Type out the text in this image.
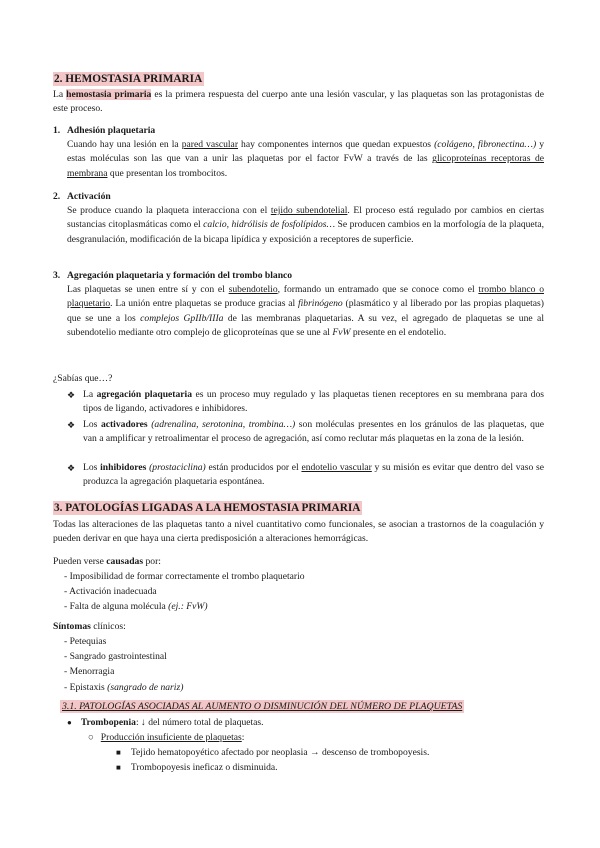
2. HEMOSTASIA PRIMARIA
La hemostasia primaria es la primera respuesta del cuerpo ante una lesión vascular, y las plaquetas son las protagonistas de este proceso.
1. Adhesión plaquetaria
Cuando hay una lesión en la pared vascular hay componentes internos que quedan expuestos (colágeno, fibronectina…) y estas moléculas son las que van a unir las plaquetas por el factor FvW a través de las glicoproteínas receptoras de membrana que presentan los trombocitos.
2. Activación
Se produce cuando la plaqueta interacciona con el tejido subendotelial. El proceso está regulado por cambios en ciertas sustancias citoplasmáticas como el calcio, hidrólisis de fosfolípidos… Se producen cambios en la morfología de la plaqueta, desgranulación, modificación de la bicapa lipídica y exposición a receptores de superficie.
3. Agregación plaquetaria y formación del trombo blanco
Las plaquetas se unen entre sí y con el subendotelio, formando un entramado que se conoce como el trombo blanco o plaquetario. La unión entre plaquetas se produce gracias al fibrinógeno (plasmático y al liberado por las propias plaquetas) que se une a los complejos GpIIb/IIIa de las membranas plaquetarias. A su vez, el agregado de plaquetas se une al subendotelio mediante otro complejo de glicoproteínas que se une al FvW presente en el endotelio.
¿Sabías que…?
❖ La agregación plaquetaria es un proceso muy regulado y las plaquetas tienen receptores en su membrana para dos tipos de ligando, activadores e inhibidores.
❖ Los activadores (adrenalina, serotonina, trombina…) son moléculas presentes en los gránulos de las plaquetas, que van a amplificar y retroalimentar el proceso de agregación, así como reclutar más plaquetas en la zona de la lesión.
❖ Los inhibidores (prostaciclina) están producidos por el endotelio vascular y su misión es evitar que dentro del vaso se produzca la agregación plaquetaria espontánea.
3. PATOLOGÍAS LIGADAS A LA HEMOSTASIA PRIMARIA
Todas las alteraciones de las plaquetas tanto a nivel cuantitativo como funcionales, se asocian a trastornos de la coagulación y pueden derivar en que haya una cierta predisposición a alteraciones hemorrágicas.
Pueden verse causadas por:
- Imposibilidad de formar correctamente el trombo plaquetario
- Activación inadecuada
- Falta de alguna molécula (ej.: FvW)
Síntomas clínicos:
- Petequias
- Sangrado gastrointestinal
- Menorragia
- Epistaxis (sangrado de nariz)
3.1. PATOLOGÍAS ASOCIADAS AL AUMENTO O DISMINUCIÓN DEL NÚMERO DE PLAQUETAS
● Trombopenia: ↓ del número total de plaquetas.
○ Producción insuficiente de plaquetas:
■ Tejido hematopoyético afectado por neoplasia → descenso de trombopoyesis.
■ Trombopoyesis ineficaz o disminuida.
